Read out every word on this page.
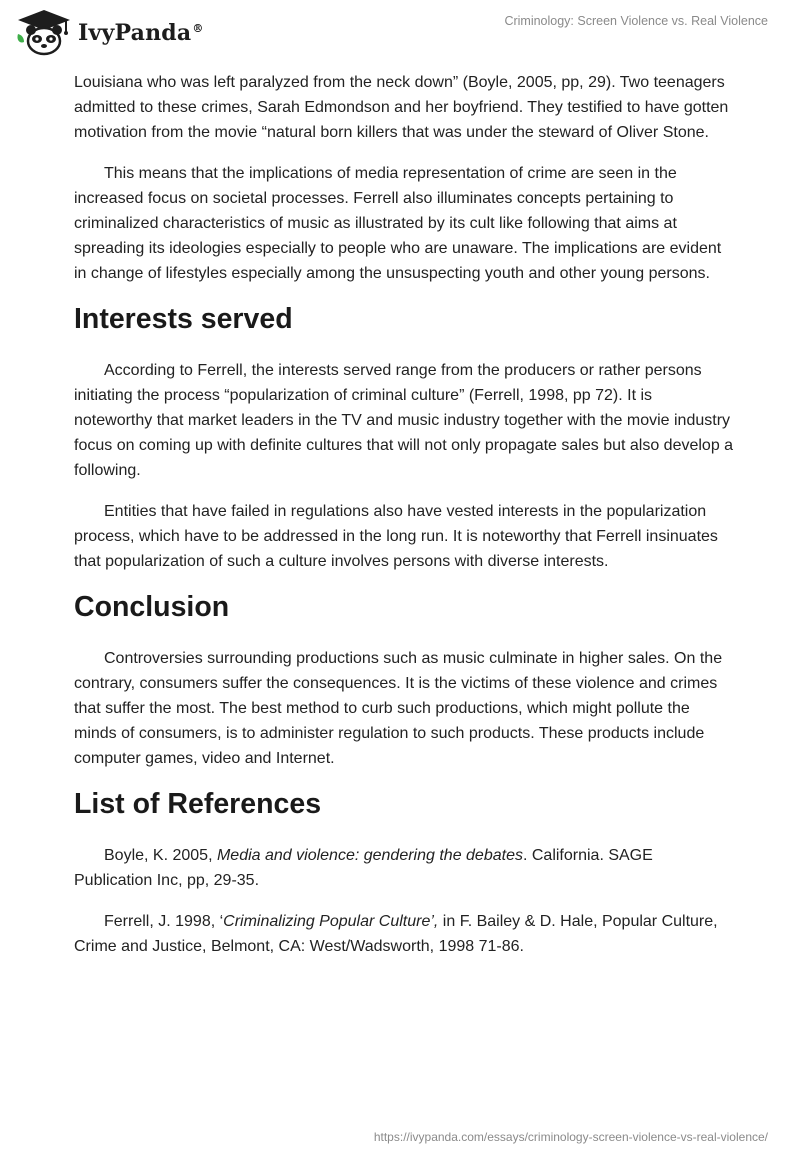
IvyPanda®
Criminology: Screen Violence vs. Real Violence

Louisiana who was left paralyzed from the neck down” (Boyle, 2005, pp, 29). Two teenagers admitted to these crimes, Sarah Edmondson and her boyfriend. They testified to have gotten motivation from the movie “natural born killers that was under the steward of Oliver Stone.

This means that the implications of media representation of crime are seen in the increased focus on societal processes. Ferrell also illuminates concepts pertaining to criminalized characteristics of music as illustrated by its cult like following that aims at spreading its ideologies especially to people who are unaware. The implications are evident in change of lifestyles especially among the unsuspecting youth and other young persons.

Interests served

According to Ferrell, the interests served range from the producers or rather persons initiating the process “popularization of criminal culture” (Ferrell, 1998, pp 72). It is noteworthy that market leaders in the TV and music industry together with the movie industry focus on coming up with definite cultures that will not only propagate sales but also develop a following.

Entities that have failed in regulations also have vested interests in the popularization process, which have to be addressed in the long run. It is noteworthy that Ferrell insinuates that popularization of such a culture involves persons with diverse interests.

Conclusion

Controversies surrounding productions such as music culminate in higher sales. On the contrary, consumers suffer the consequences. It is the victims of these violence and crimes that suffer the most. The best method to curb such productions, which might pollute the minds of consumers, is to administer regulation to such products. These products include computer games, video and Internet.

List of References

Boyle, K. 2005, Media and violence: gendering the debates. California. SAGE Publication Inc, pp, 29-35.

Ferrell, J. 1998, ‘Criminalizing Popular Culture’, in F. Bailey & D. Hale, Popular Culture, Crime and Justice, Belmont, CA: West/Wadsworth, 1998 71-86.

https://ivypanda.com/essays/criminology-screen-violence-vs-real-violence/
